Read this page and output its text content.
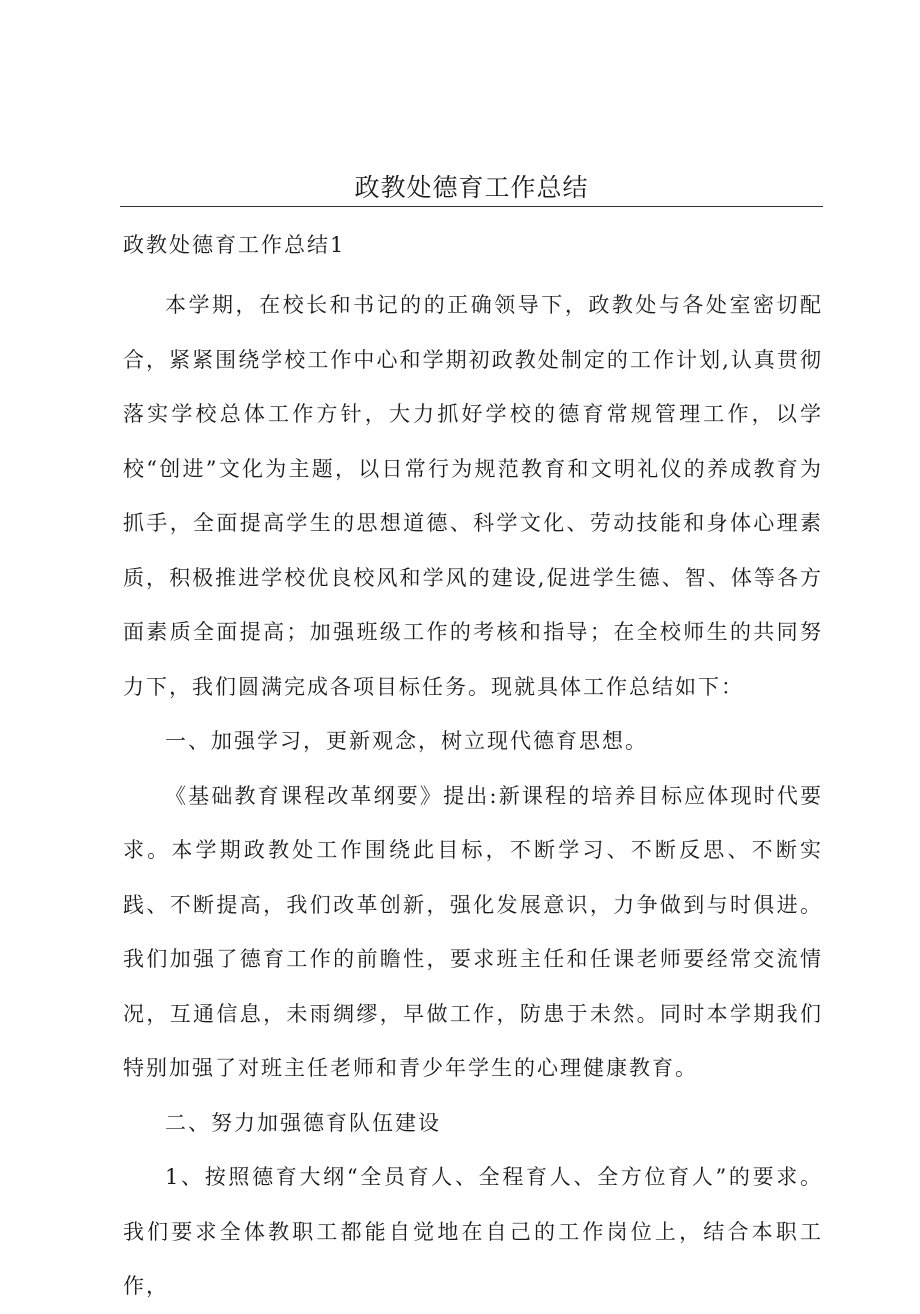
政教处德育工作总结
政教处德育工作总结1

本学期，在校长和书记的的正确领导下，政教处与各处室密切配合，紧紧围绕学校工作中心和学期初政教处制定的工作计划,认真贯彻落实学校总体工作方针，大力抓好学校的德育常规管理工作，以学校“创进”文化为主题，以日常行为规范教育和文明礼仪的养成教育为抓手，全面提高学生的思想道德、科学文化、劳动技能和身体心理素质，积极推进学校优良校风和学风的建设,促进学生德、智、体等各方面素质全面提高；加强班级工作的考核和指导；在全校师生的共同努力下，我们圆满完成各项目标任务。现就具体工作总结如下：

一、加强学习，更新观念，树立现代德育思想。

《基础教育课程改革纲要》提出:新课程的培养目标应体现时代要求。本学期政教处工作围绕此目标，不断学习、不断反思、不断实践、不断提高，我们改革创新，强化发展意识，力争做到与时俱进。我们加强了德育工作的前瞻性，要求班主任和任课老师要经常交流情况，互通信息，未雨绸缪，早做工作，防患于未然。同时本学期我们特别加强了对班主任老师和青少年学生的心理健康教育。

二、努力加强德育队伍建设

1、按照德育大纲“全员育人、全程育人、全方位育人”的要求。我们要求全体教职工都能自觉地在自己的工作岗位上，结合本职工作，
